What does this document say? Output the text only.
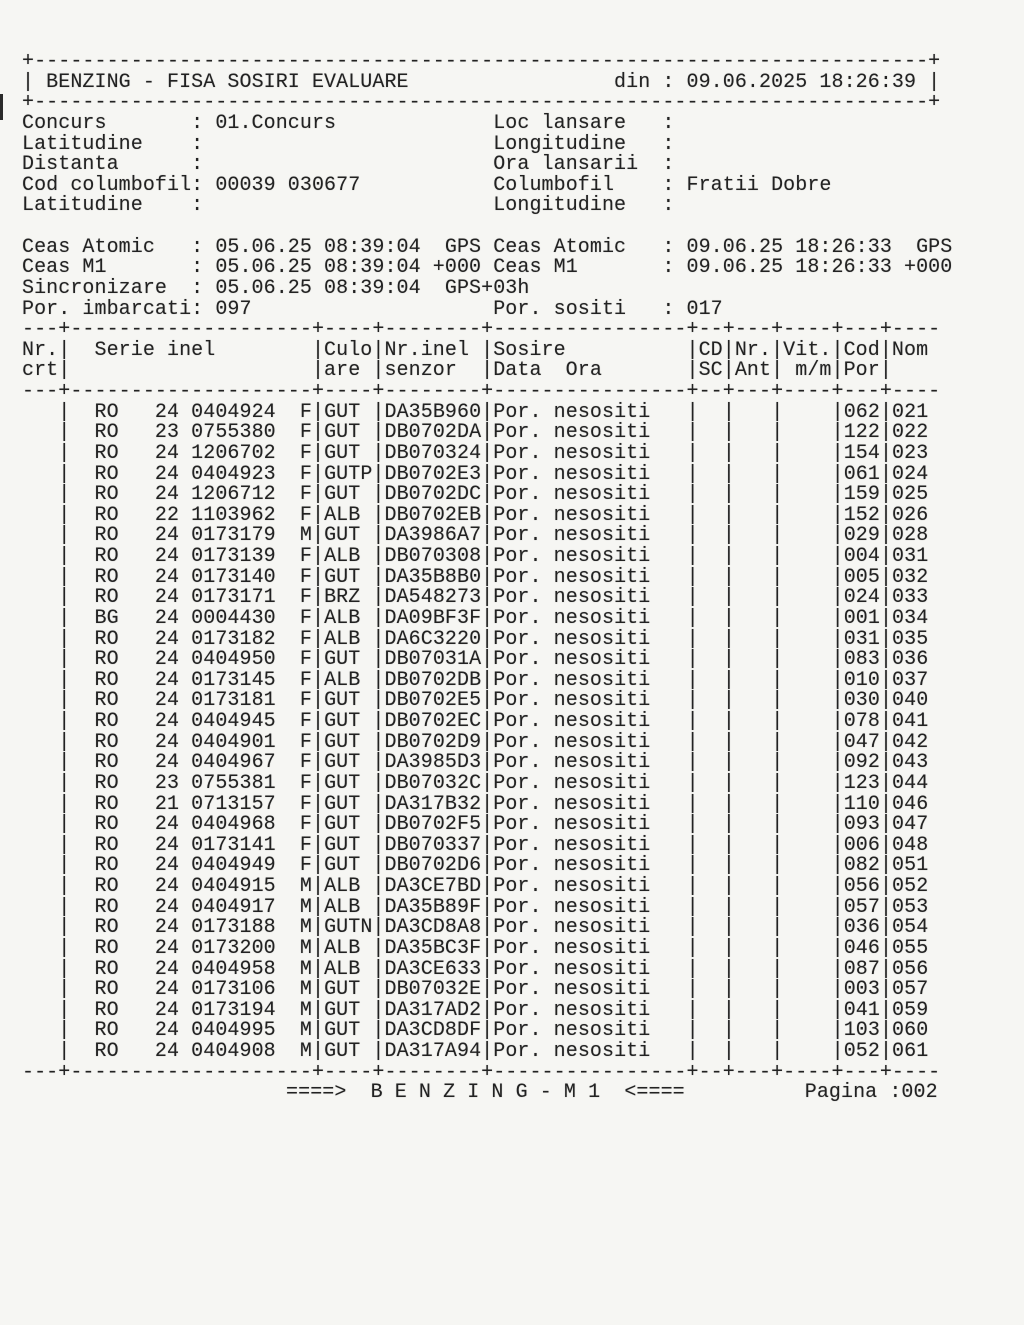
+--------------------------------------------------------------------------+
| BENZING - FISA SOSIRI EVALUARE                 din : 09.06.2025 18:26:39 |
+--------------------------------------------------------------------------+
Concurs       : 01.Concurs             Loc lansare   :
Latitudine    :	Longitudine   :
Distanta      :	Ora lansarii  :
Cod columbofil: 00039 030677           Columbofil    : Fratii Dobre
Latitudine    :	Longitudine   :
Ceas Atomic   : 05.06.25 08:39:04  GPS Ceas Atomic   : 09.06.25 18:26:33  GPS
Ceas M1       : 05.06.25 08:39:04 +000 Ceas M1       : 09.06.25 18:26:33 +000
Sincronizare  : 05.06.25 08:39:04  GPS+03h
Por. imbarcati: 097                    Por. sositi   : 017
---+--------------------+----+--------+----------------+--+---+----+---+----
Nr.|  Serie inel        |Culo|Nr.inel |Sosire          |CD|Nr.|Vit.|Cod|Nom
crt|                    |are |senzor  |Data  Ora       |SC|Ant| m/m|Por|
---+--------------------+----+--------+----------------+--+---+----+---+----
|  RO   24 0404924  F|GUT |DA35B960|Por. nesositi   | | | |062|021
|  RO   23 0755380  F|GUT |DB0702DA|Por. nesositi   | | | |122|022
|  RO   24 1206702  F|GUT |DB070324|Por. nesositi   | | | |154|023
|  RO   24 0404923  F|GUTP|DB0702E3|Por. nesositi   | | | |061|024
|  RO   24 1206712  F|GUT |DB0702DC|Por. nesositi   | | | |159|025
|  RO   22 1103962  F|ALB |DB0702EB|Por. nesositi   | | | |152|026
|  RO   24 0173179  M|GUT |DA3986A7|Por. nesositi   | | | |029|028
|  RO   24 0173139  F|ALB |DB070308|Por. nesositi   | | | |004|031
|  RO   24 0173140  F|GUT |DA35B8B0|Por. nesositi   | | | |005|032
|  RO   24 0173171  F|BRZ |DA548273|Por. nesositi   | | | |024|033
|  BG   24 0004430  F|ALB |DA09BF3F|Por. nesositi   | | | |001|034
|  RO   24 0173182  F|ALB |DA6C3220|Por. nesositi   | | | |031|035
|  RO   24 0404950  F|GUT |DB07031A|Por. nesositi   | | | |083|036
|  RO   24 0173145  F|ALB |DB0702DB|Por. nesositi   | | | |010|037
|  RO   24 0173181  F|GUT |DB0702E5|Por. nesositi   | | | |030|040
|  RO   24 0404945  F|GUT |DB0702EC|Por. nesositi   | | | |078|041
|  RO   24 0404901  F|GUT |DB0702D9|Por. nesositi   | | | |047|042
|  RO   24 0404967  F|GUT |DA3985D3|Por. nesositi   | | | |092|043
|  RO   23 0755381  F|GUT |DB07032C|Por. nesositi   | | | |123|044
|  RO   21 0713157  F|GUT |DA317B32|Por. nesositi   | | | |110|046
|  RO   24 0404968  F|GUT |DB0702F5|Por. nesositi   | | | |093|047
|  RO   24 0173141  F|GUT |DB070337|Por. nesositi   | | | |006|048
|  RO   24 0404949  F|GUT |DB0702D6|Por. nesositi   | | | |082|051
|  RO   24 0404915  M|ALB |DA3CE7BD|Por. nesositi   | | | |056|052
|  RO   24 0404917  M|ALB |DA35B89F|Por. nesositi   | | | |057|053
|  RO   24 0173188  M|GUTN|DA3CD8A8|Por. nesositi   | | | |036|054
|  RO   24 0173200  M|ALB |DA35BC3F|Por. nesositi   | | | |046|055
|  RO   24 0404958  M|ALB |DA3CE633|Por. nesositi   | | | |087|056
|  RO   24 0173106  M|GUT |DB07032E|Por. nesositi   | | | |003|057
|  RO   24 0173194  M|GUT |DA317AD2|Por. nesositi   | | | |041|059
|  RO   24 0404995  M|GUT |DA3CD8DF|Por. nesositi   | | | |103|060
|  RO   24 0404908  M|GUT |DA317A94|Por. nesositi   | | | |052|061
---+--------------------+----+--------+----------------+--+---+----+---+----
====>  B E N Z I N G - M 1  <====	Pagina :002
